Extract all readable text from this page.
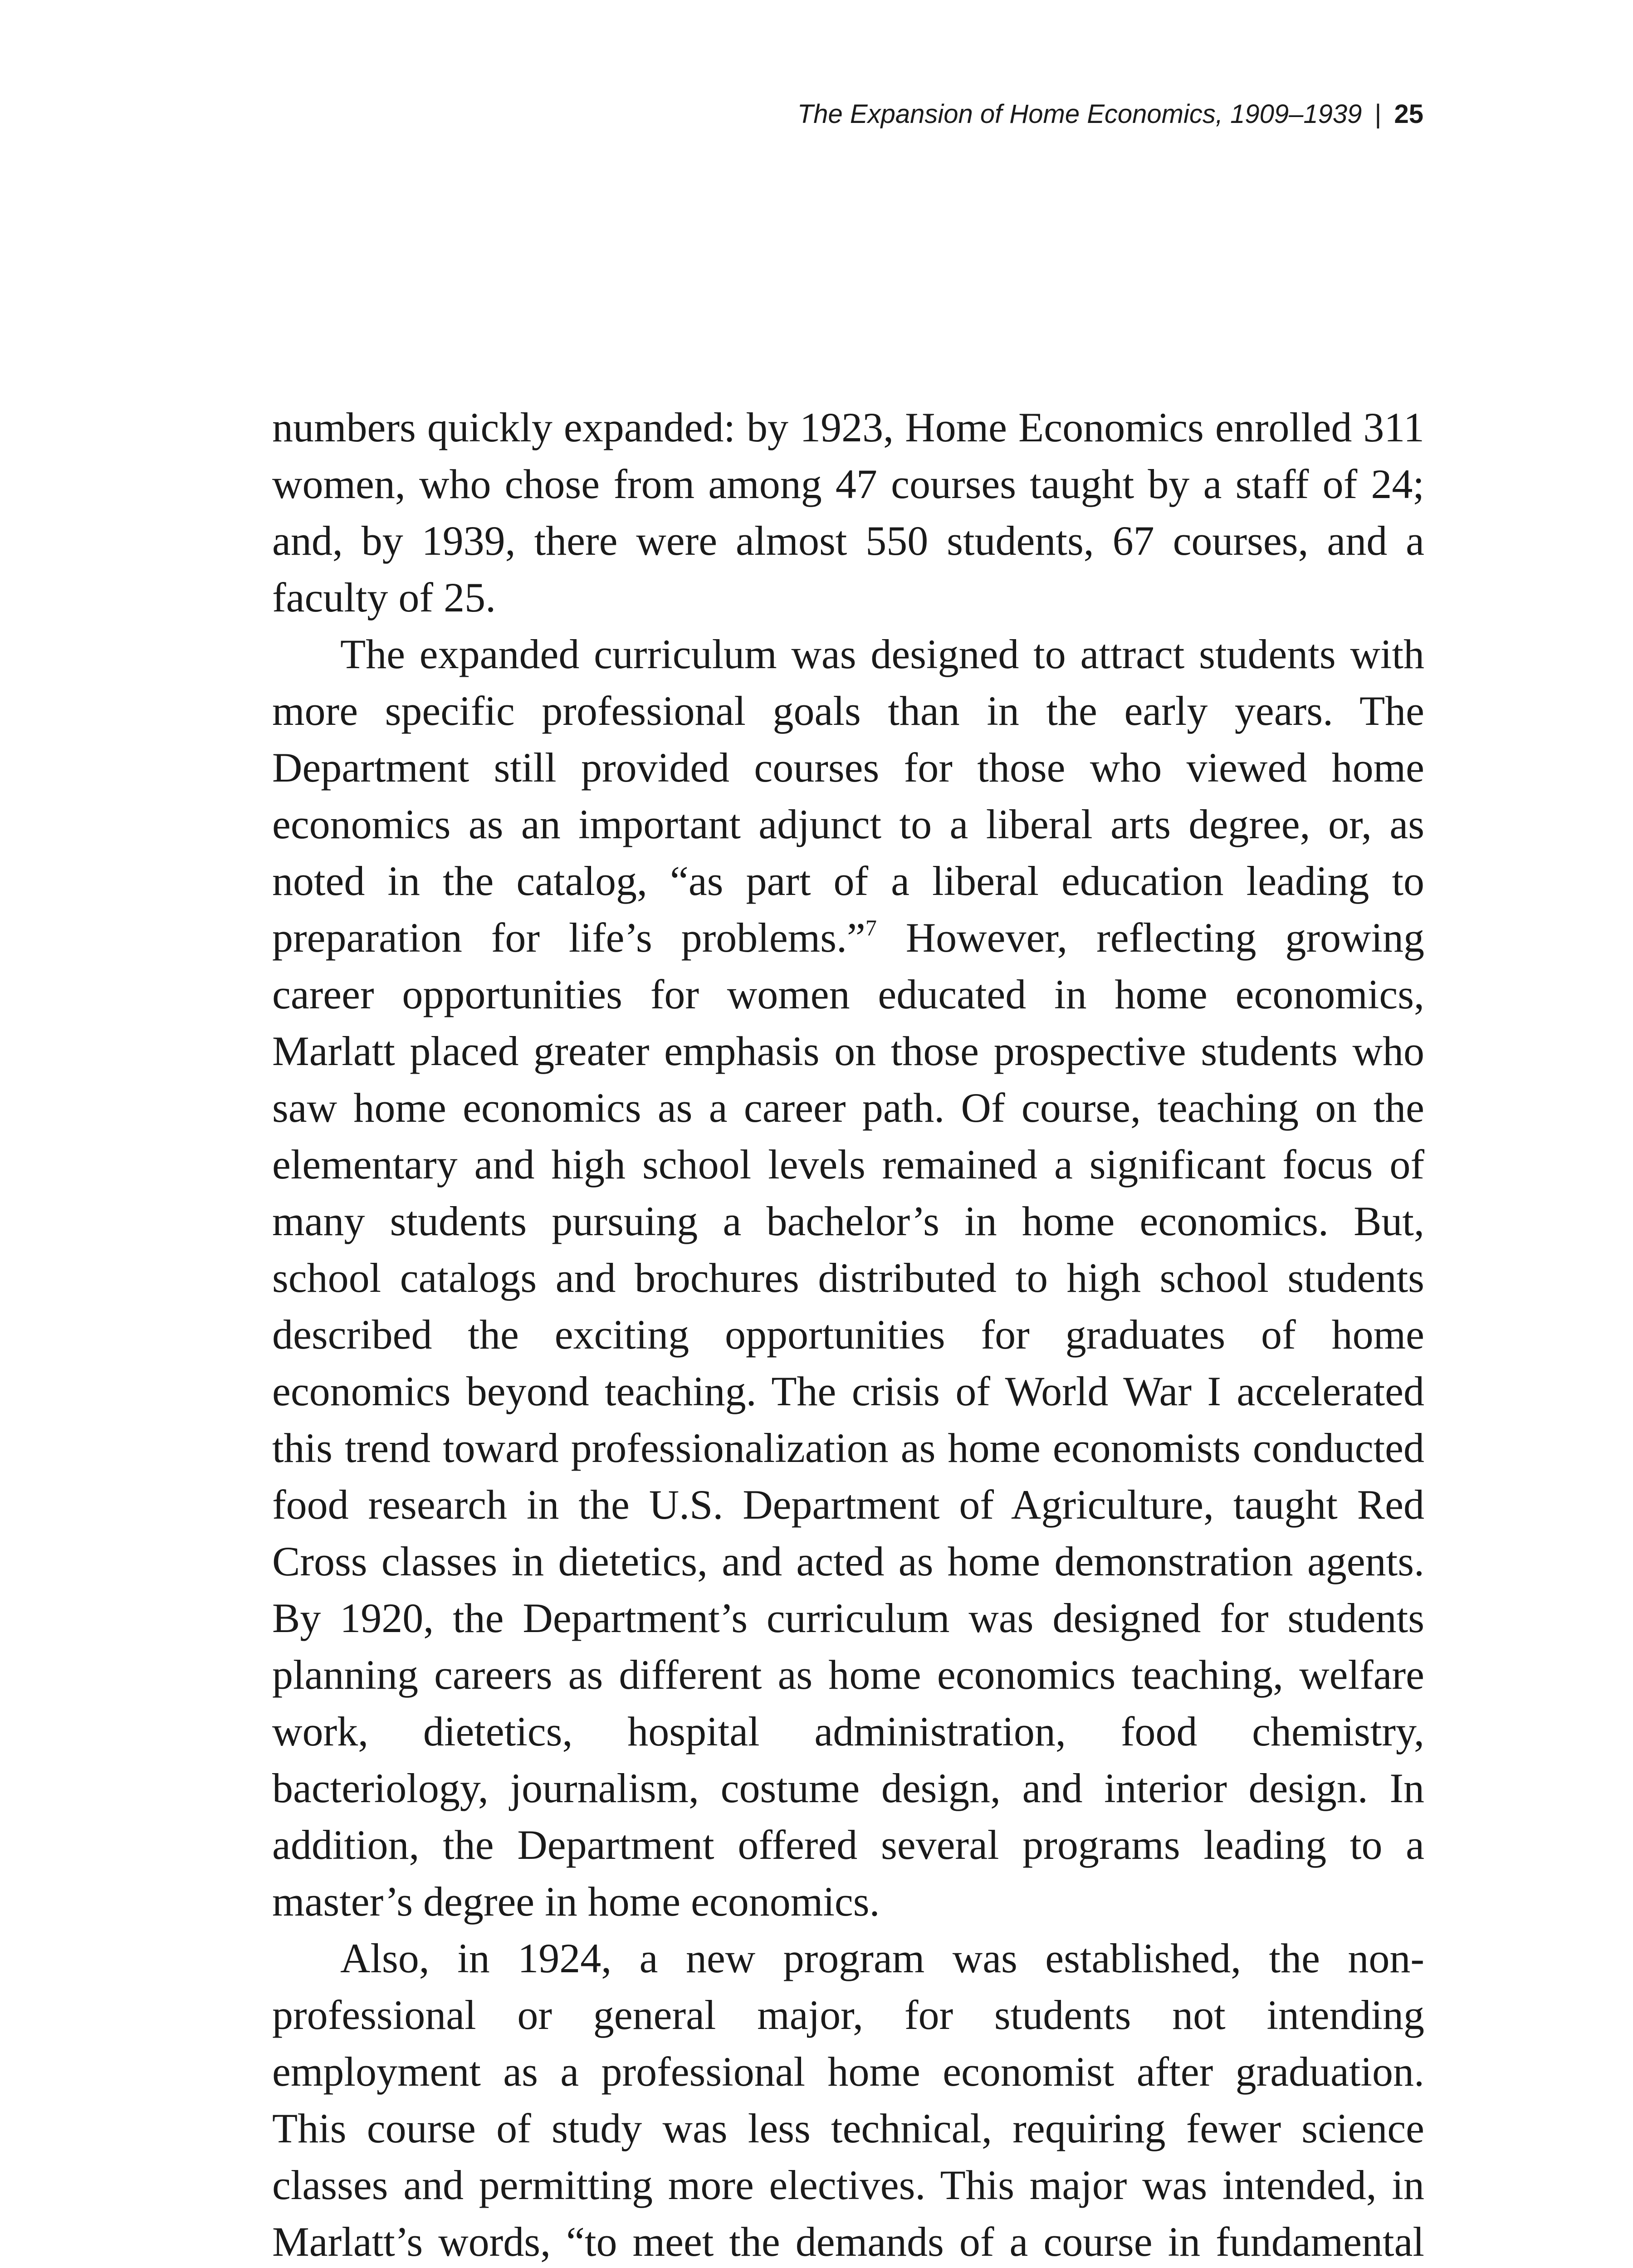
The Expansion of Home Economics, 1909–1939 | 25

numbers quickly expanded: by 1923, Home Economics enrolled 311 women, who chose from among 47 courses taught by a staff of 24; and, by 1939, there were almost 550 students, 67 courses, and a faculty of 25.

The expanded curriculum was designed to attract students with more specific professional goals than in the early years. The Department still provided courses for those who viewed home economics as an important adjunct to a liberal arts degree, or, as noted in the catalog, “as part of a liberal education leading to preparation for life’s problems.”$^7$ However, reflecting growing career opportunities for women educated in home economics, Marlatt placed greater emphasis on those prospective students who saw home economics as a career path. Of course, teaching on the elementary and high school levels remained a significant focus of many students pursuing a bachelor’s in home economics. But, school catalogs and brochures distributed to high school students described the exciting opportunities for graduates of home economics beyond teaching. The crisis of World War I accelerated this trend toward professionalization as home economists conducted food research in the U.S. Department of Agriculture, taught Red Cross classes in dietetics, and acted as home demonstration agents. By 1920, the Department’s curriculum was designed for students planning careers as different as home economics teaching, welfare work, dietetics, hospital administration, food chemistry, bacteriology, journalism, costume design, and interior design. In addition, the Department offered several programs leading to a master’s degree in home economics.

Also, in 1924, a new program was established, the non-professional or general major, for students not intending employment as a professional home economist after graduation. This course of study was less technical, requiring fewer science classes and permitting more electives. This major was intended, in Marlatt’s words, “to meet the demands of a course in fundamental
